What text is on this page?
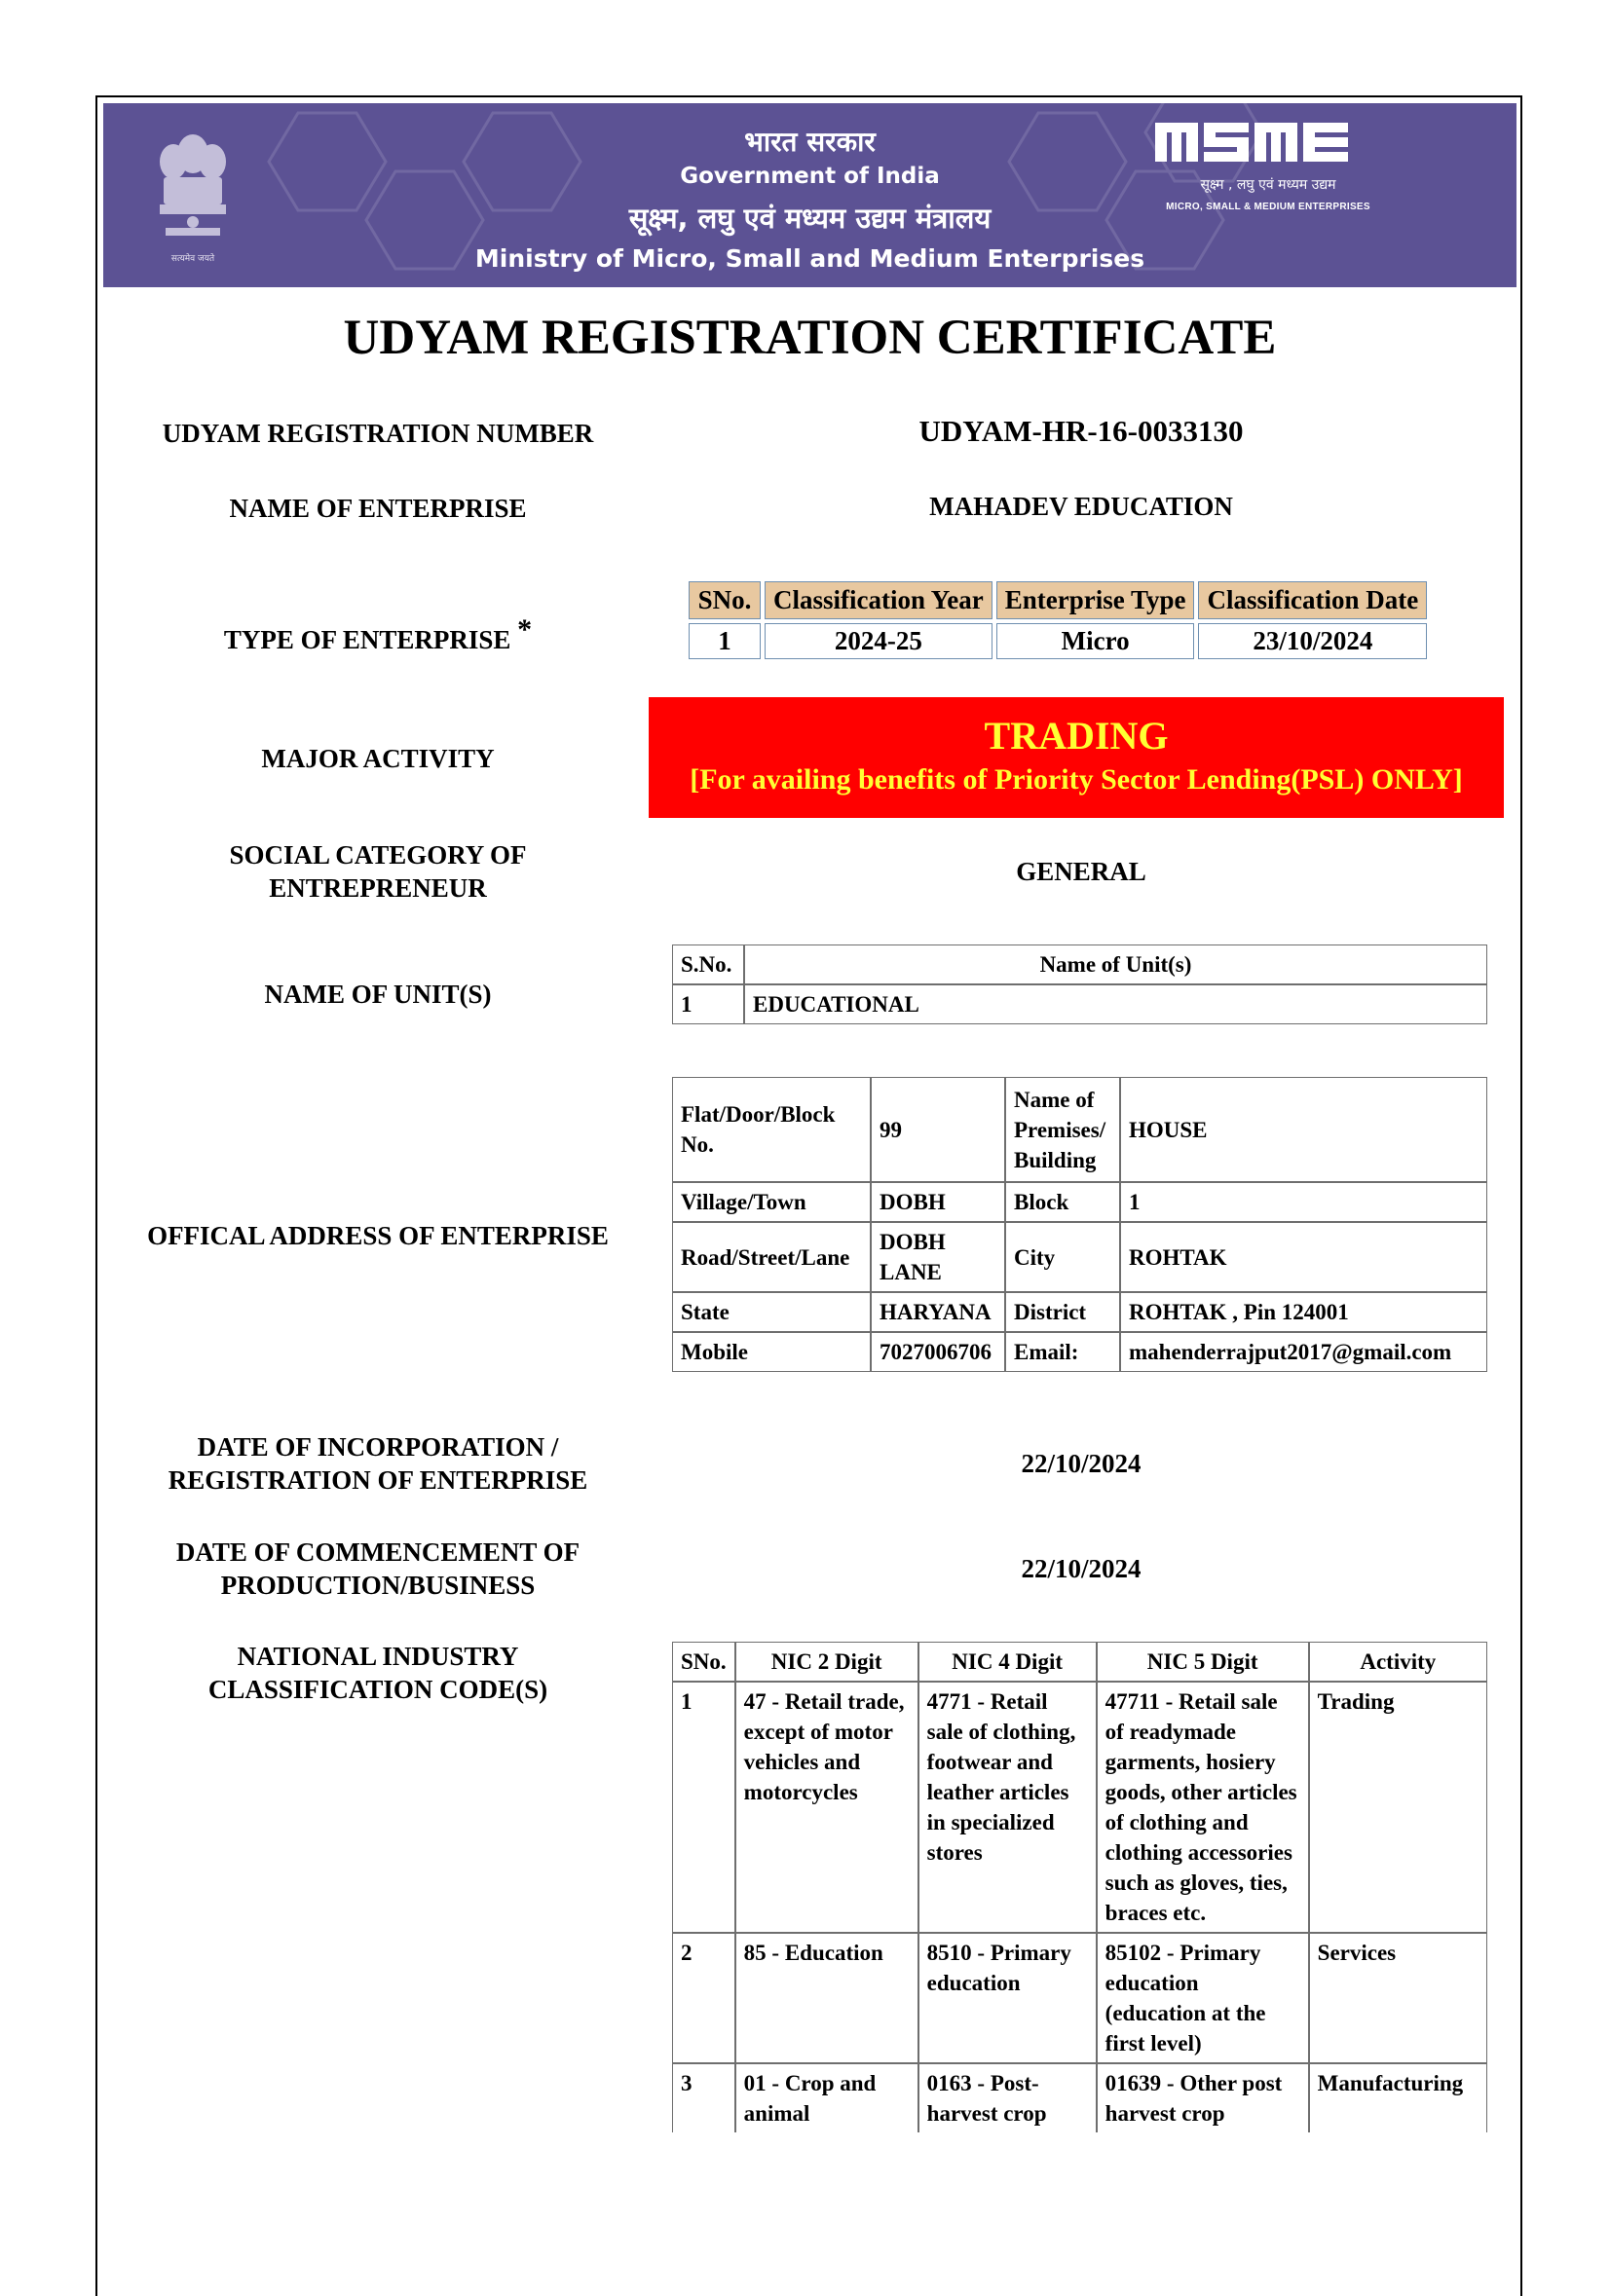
सत्यमेव जयते
भारत सरकार
Government of India
सूक्ष्म, लघु एवं मध्यम उद्यम मंत्रालय
Ministry of Micro, Small and Medium Enterprises
सूक्ष्म , लघु एवं मध्यम उद्यम
MICRO, SMALL & MEDIUM ENTERPRISES
UDYAM REGISTRATION CERTIFICATE
UDYAM REGISTRATION NUMBER	UDYAM-HR-16-0033130
NAME OF ENTERPRISE	MAHADEV EDUCATION
TYPE OF ENTERPRISE *
SNo.	Classification Year	Enterprise Type	Classification Date
1	2024-25	Micro	23/10/2024
MAJOR ACTIVITY
TRADING
[For availing benefits of Priority Sector Lending(PSL) ONLY]
SOCIAL CATEGORY OF
ENTREPRENEUR
GENERAL
NAME OF UNIT(S)
S.No.	Name of Unit(s)
1	EDUCATIONAL
OFFICAL ADDRESS OF ENTERPRISE
Flat/Door/Block No.	99	Name of Premises/ Building	HOUSE
Village/Town	DOBH	Block	1
Road/Street/Lane	DOBH LANE	City	ROHTAK
State	HARYANA	District	ROHTAK , Pin 124001
Mobile	7027006706	Email:	mahenderrajput2017@gmail.com
DATE OF INCORPORATION /
REGISTRATION OF ENTERPRISE
22/10/2024
DATE OF COMMENCEMENT OF
PRODUCTION/BUSINESS
22/10/2024
NATIONAL INDUSTRY
CLASSIFICATION CODE(S)
SNo.	NIC 2 Digit	NIC 4 Digit	NIC 5 Digit	Activity
1	47 - Retail trade, except of motor vehicles and motorcycles	4771 - Retail sale of clothing, footwear and leather articles in specialized stores	47711 - Retail sale of readymade garments, hosiery goods, other articles of clothing and clothing accessories such as gloves, ties, braces etc.	Trading
2	85 - Education	8510 - Primary education	85102 - Primary education (education at the first level)	Services
3	01 - Crop and animal	0163 - Post-harvest crop	01639 - Other post harvest crop	Manufacturing
